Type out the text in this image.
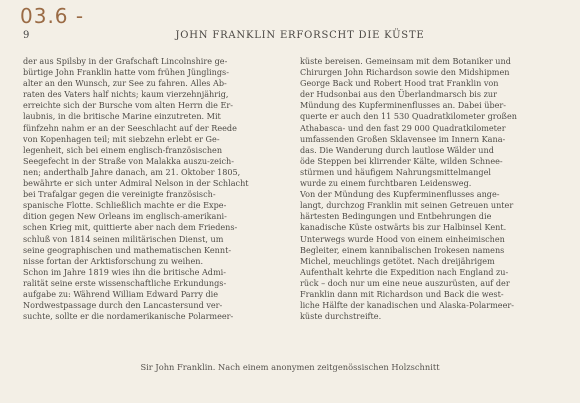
03.6 -
9	JOHN FRANKLIN ERFORSCHT DIE KÜSTE
der aus Spilsby in der Grafschaft Lincolnshire ge-
bürtige John Franklin hatte vom frühen Jünglings-
alter an den Wunsch, zur See zu fahren. Alles Ab-
raten des Vaters half nichts; kaum vierzehnjährig,
erreichte sich der Bursche vom alten Herrn die Er-
laubnis, in die britische Marine einzutreten. Mit
fünfzehn nahm er an der Seeschlacht auf der Reede
von Kopenhagen teil; mit siebzehn erlebt er Ge-
legenheit, sich bei einem englisch-französischen
Seegefecht in der Straße von Malakka auszu-zeich-
nen; anderthalb Jahre danach, am 21. Oktober 1805,
bewährte er sich unter Admiral Nelson in der Schlacht
bei Trafalgar gegen die vereinigte französisch-
spanische Flotte. Schließlich machte er die Expe-
dition gegen New Orleans im englisch-amerikani-
schen Krieg mit, quittierte aber nach dem Friedens-
schluß von 1814 seinen militärischen Dienst, um
seine geographischen und mathematischen Kennt-
nisse fortan der Arktisforschung zu weihen.
Schon im Jahre 1819 wies ihn die britische Admi-
ralität seine erste wissenschaftliche Erkundungs-
aufgabe zu: Während William Edward Parry die
Nordwestpassage durch den Lancastersund ver-
suchte, sollte er die nordamerikanische Polarmeer-
küste bereisen. Gemeinsam mit dem Botaniker und
Chirurgen John Richardson sowie den Midshipmen
George Back und Robert Hood trat Franklin von
der Hudsonbai aus den Überlandmarsch bis zur
Mündung des Kupferminenflusses an. Dabei über-
querte er auch den 11 530 Quadratkilometer großen
Athabasca- und den fast 29 000 Quadratkilometer
umfassenden Großen Sklavensee im Innern Kana-
das. Die Wanderung durch lautlose Wälder und
öde Steppen bei klirrender Kälte, wilden Schnee-
stürmen und häufigem Nahrungsmittelmangel
wurde zu einem furchtbaren Leidensweg.
Von der Mündung des Kupferminenflusses ange-
langt, durchzog Franklin mit seinen Getreuen unter
härtesten Bedingungen und Entbehrungen die
kanadische Küste ostwärts bis zur Halbinsel Kent.
Unterwegs wurde Hood von einem einheimischen
Begleiter, einem kannibalischen Irokesen namens
Michel, meuchlings getötet. Nach dreijährigem
Aufenthalt kehrte die Expedition nach England zu-
rück – doch nur um eine neue auszurüsten, auf der
Franklin dann mit Richardson und Back die west-
liche Hälfte der kanadischen und Alaska-Polarmeer-
küste durchstreifte.
Sir John Franklin. Nach einem anonymen zeitgenössischen Holzschnitt
